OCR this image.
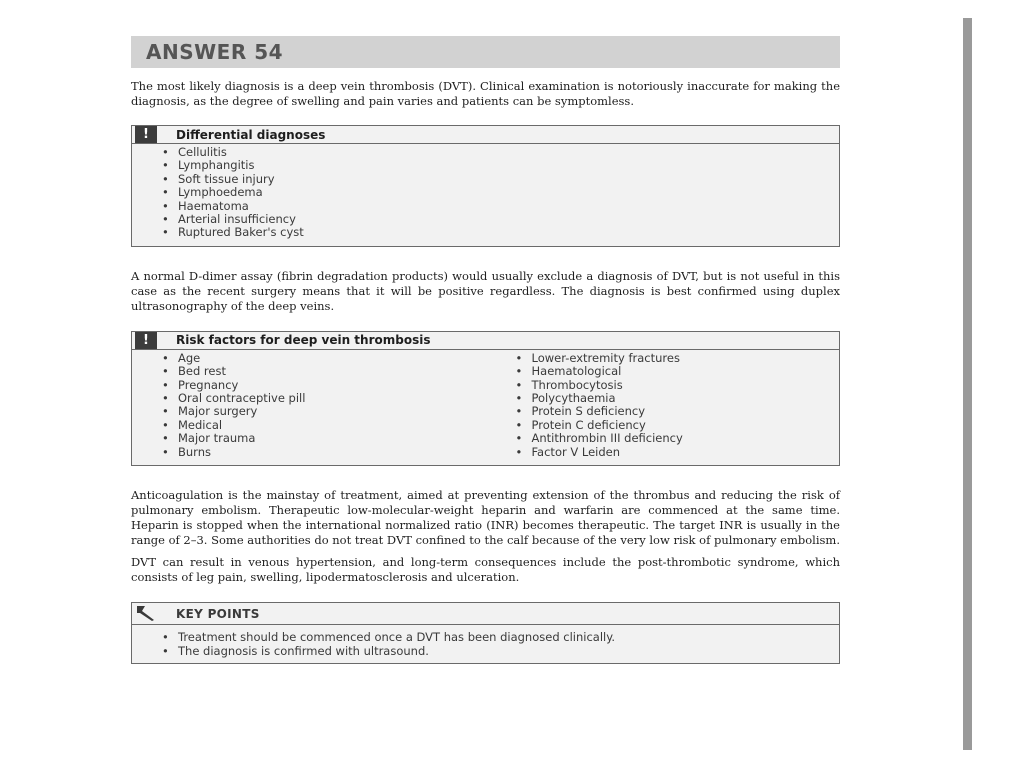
ANSWER 54

The most likely diagnosis is a deep vein thrombosis (DVT). Clinical examination is notoriously inaccurate for making the diagnosis, as the degree of swelling and pain varies and patients can be symptomless.

!	Differential diagnoses
• Cellulitis
• Lymphangitis
• Soft tissue injury
• Lymphoedema
• Haematoma
• Arterial insufficiency
• Ruptured Baker's cyst

A normal D-dimer assay (fibrin degradation products) would usually exclude a diagnosis of DVT, but is not useful in this case as the recent surgery means that it will be positive regardless. The diagnosis is best confirmed using duplex ultrasonography of the deep veins.

!	Risk factors for deep vein thrombosis
• Age
• Bed rest
• Pregnancy
• Oral contraceptive pill
• Major surgery
• Medical
• Major trauma
• Burns
• Lower-extremity fractures
• Haematological
• Thrombocytosis
• Polycythaemia
• Protein S deficiency
• Protein C deficiency
• Antithrombin III deficiency
• Factor V Leiden

Anticoagulation is the mainstay of treatment, aimed at preventing extension of the thrombus and reducing the risk of pulmonary embolism. Therapeutic low-molecular-weight heparin and warfarin are commenced at the same time. Heparin is stopped when the international normalized ratio (INR) becomes therapeutic. The target INR is usually in the range of 2–3. Some authorities do not treat DVT confined to the calf because of the very low risk of pulmonary embolism.

DVT can result in venous hypertension, and long-term consequences include the post-thrombotic syndrome, which consists of leg pain, swelling, lipodermatosclerosis and ulceration.

KEY POINTS
• Treatment should be commenced once a DVT has been diagnosed clinically.
• The diagnosis is confirmed with ultrasound.
